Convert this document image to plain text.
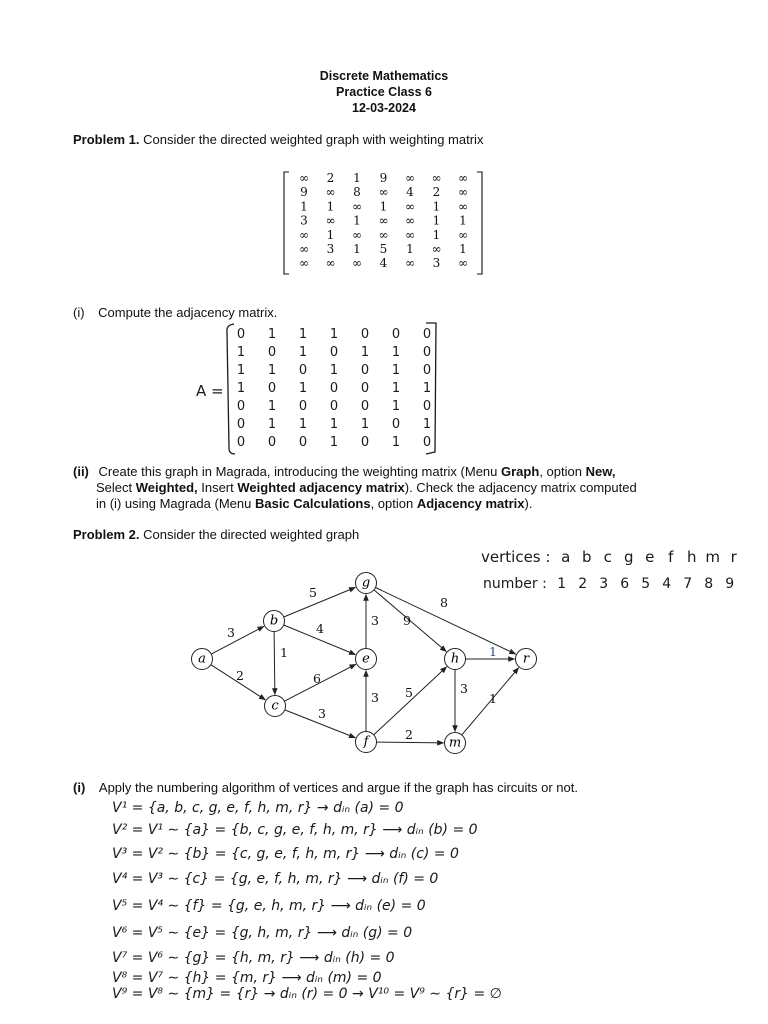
Discrete Mathematics
Practice Class 6
12-03-2024
Problem 1. Consider the directed weighted graph with weighting matrix
∞ 2 1 9 ∞ ∞ ∞
9 ∞ 8 ∞ 4 2 ∞
1 1 ∞ 1 ∞ 1 ∞
3 ∞ 1 ∞ ∞ 1 1
∞ 1 ∞ ∞ ∞ 1 ∞
∞ 3 1 5 1 ∞ 1
∞ ∞ ∞ 4 ∞ 3 ∞
(i) Compute the adjacency matrix.
A =
0 1 1 1 0 0 0
1 0 1 0 1 1 0
1 1 0 1 0 1 0
1 0 1 0 0 1 1
0 1 0 0 0 1 0
0 1 1 1 1 0 1
0 0 0 1 0 1 0
(ii) Create this graph in Magrada, introducing the weighting matrix (Menu Graph, option New,
Select Weighted, Insert Weighted adjacency matrix). Check the adjacency matrix computed
in (i) using Magrada (Menu Basic Calculations, option Adjacency matrix).
Problem 2. Consider the directed weighted graph
vertices : a b c g e f h m r
number : 1 2 3 6 5 4 7 8 9
3
2
5
4
1
6
3
3
3
9
8
5
2
3
1
1
a
b
c
g
e
f
h
m
r
(i) Apply the numbering algorithm of vertices and argue if the graph has circuits or not.
V¹ = {a, b, c, g, e, f, h, m, r} → dᵢₙ (a) = 0
V² = V¹ ∼ {a} = {b, c, g, e, f, h, m, r} ⟶ dᵢₙ (b) = 0
V³ = V² ∼ {b} = {c, g, e, f, h, m, r} ⟶ dᵢₙ (c) = 0
V⁴ = V³ ∼ {c} = {g, e, f, h, m, r} ⟶ dᵢₙ (f) = 0
V⁵ = V⁴ ∼ {f} = {g, e, h, m, r} ⟶ dᵢₙ (e) = 0
V⁶ = V⁵ ∼ {e} = {g, h, m, r} ⟶ dᵢₙ (g) = 0
V⁷ = V⁶ ∼ {g} = {h, m, r} ⟶ dᵢₙ (h) = 0
V⁸ = V⁷ ∼ {h} = {m, r} ⟶ dᵢₙ (m) = 0
V⁹ = V⁸ ∼ {m} = {r} → dᵢₙ (r) = 0 → V¹⁰ = V⁹ ∼ {r} = ∅
